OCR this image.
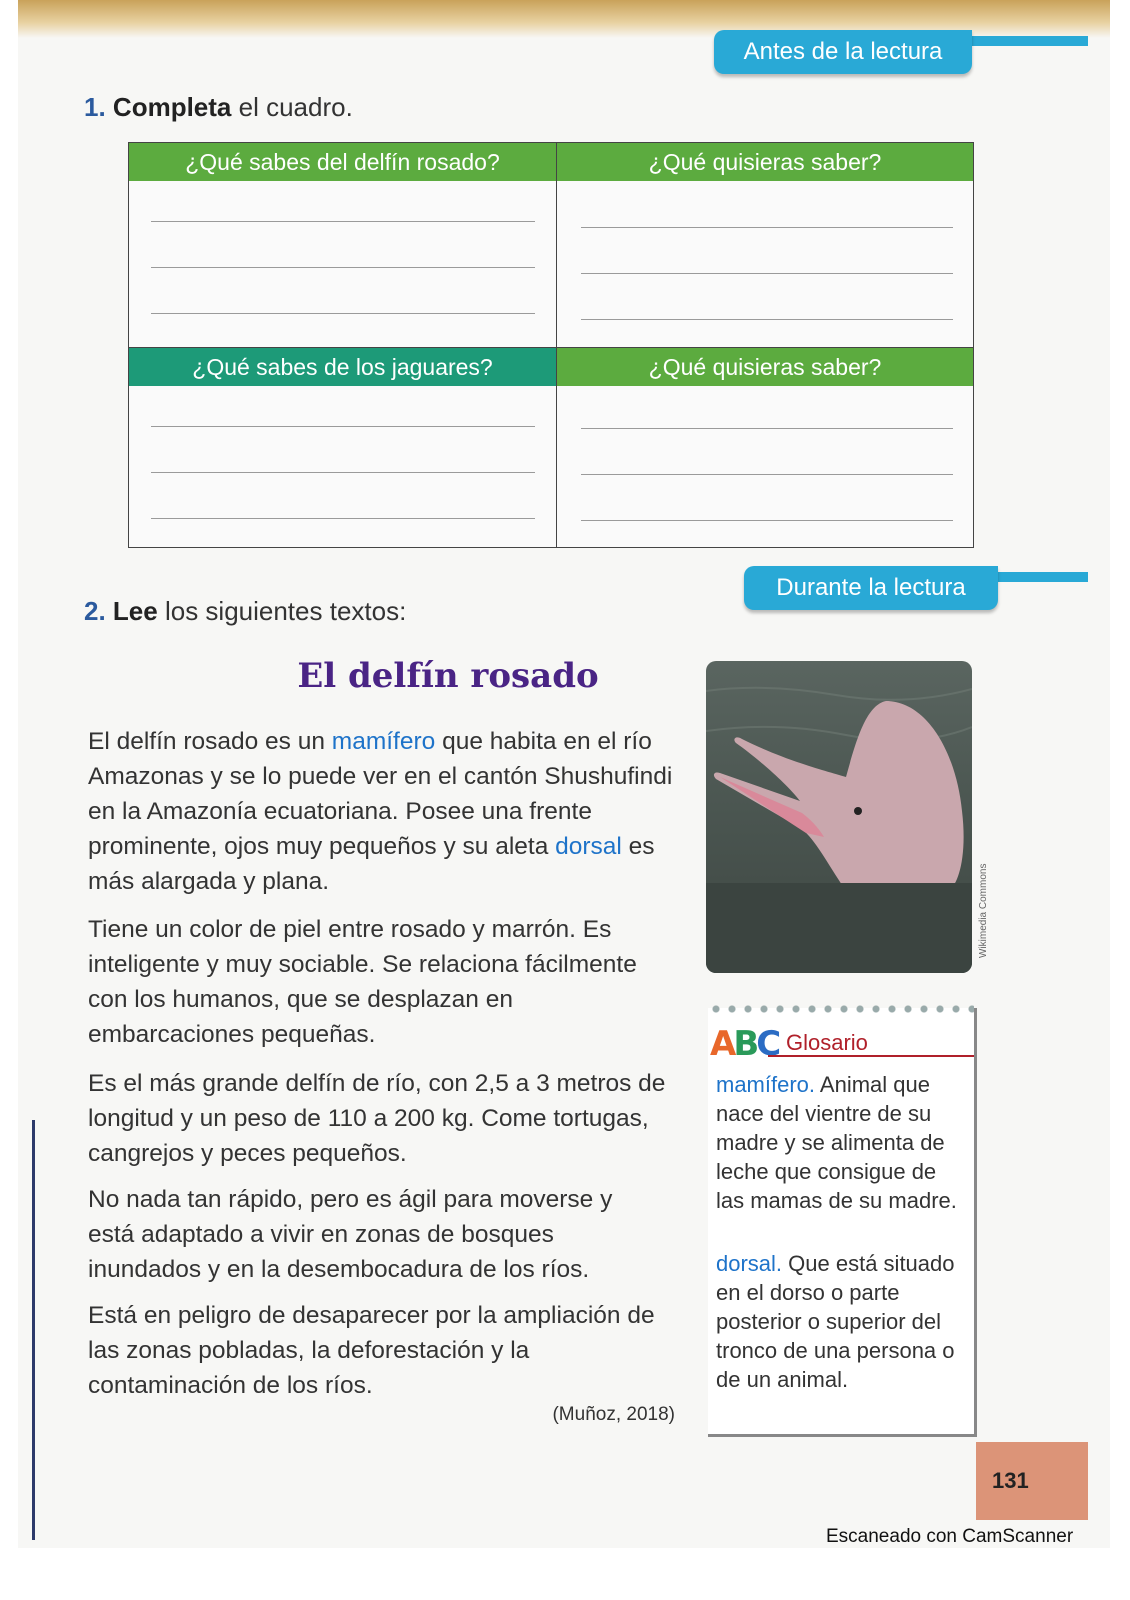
Antes de la lectura
1. Completa el cuadro.
¿Qué sabes del delfín rosado?	¿Qué quisieras saber?
¿Qué sabes de los jaguares?	¿Qué quisieras saber?
Durante la lectura
2. Lee los siguientes textos:
El delfín rosado
El delfín rosado es un mamífero que habita en el río Amazonas y se lo puede ver en el cantón Shushufindi en la Amazonía ecuatoriana. Posee una frente prominente, ojos muy pequeños y su aleta dorsal es más alargada y plana.
Tiene un color de piel entre rosado y marrón. Es inteligente y muy sociable. Se relaciona fácilmente con los humanos, que se desplazan en embarcaciones pequeñas.
Es el más grande delfín de río, con 2,5 a 3 metros de longitud y un peso de 110 a 200 kg. Come tortugas, cangrejos y peces pequeños.
No nada tan rápido, pero es ágil para moverse y está adaptado a vivir en zonas de bosques inundados y en la desembocadura de los ríos.
Está en peligro de desaparecer por la ampliación de las zonas pobladas, la deforestación y la contaminación de los ríos.
(Muñoz, 2018)
Wikimedia Commons
ABC Glosario
mamífero. Animal que nace del vientre de su madre y se alimenta de leche que consigue de las mamas de su madre.
dorsal. Que está situado en el dorso o parte posterior o superior del tronco de una persona o de un animal.
131
Escaneado con CamScanner
